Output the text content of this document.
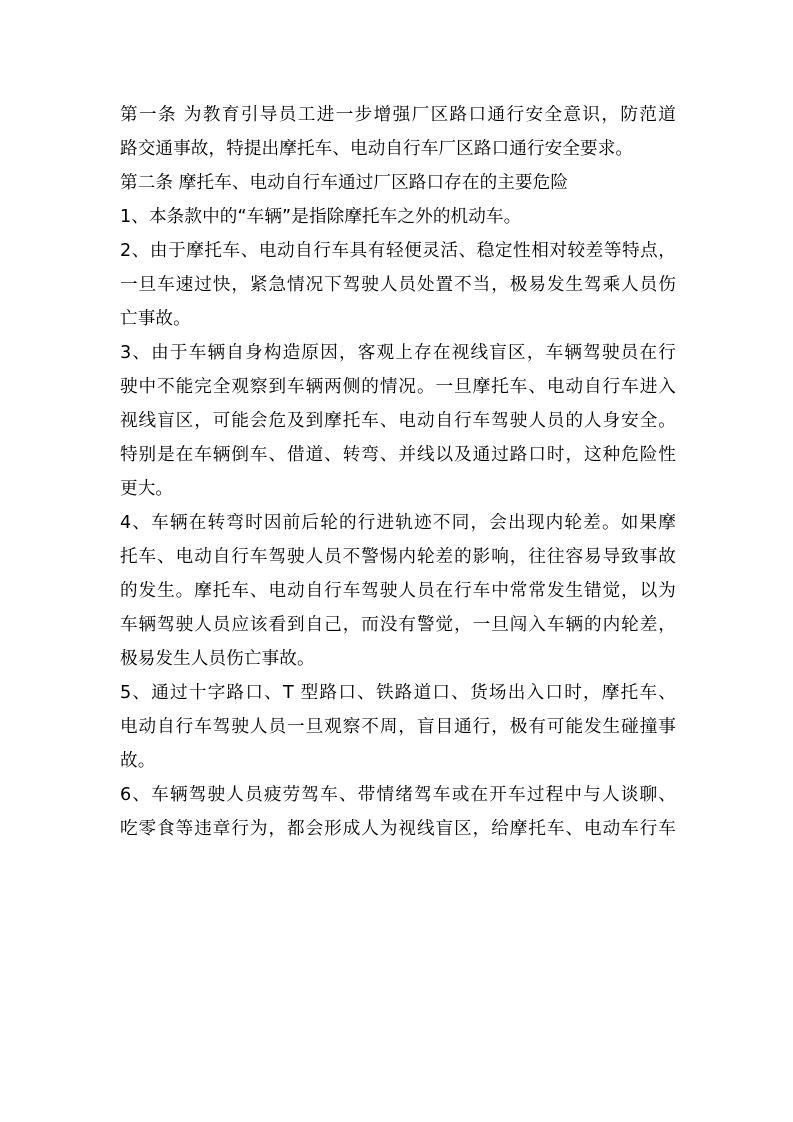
第一条 为教育引导员工进一步增强厂区路口通行安全意识，防范道
路交通事故，特提出摩托车、电动自行车厂区路口通行安全要求。
第二条 摩托车、电动自行车通过厂区路口存在的主要危险
1、本条款中的“车辆”是指除摩托车之外的机动车。
2、由于摩托车、电动自行车具有轻便灵活、稳定性相对较差等特点，
一旦车速过快，紧急情况下驾驶人员处置不当，极易发生驾乘人员伤
亡事故。
3、由于车辆自身构造原因，客观上存在视线盲区，车辆驾驶员在行
驶中不能完全观察到车辆两侧的情况。一旦摩托车、电动自行车进入
视线盲区，可能会危及到摩托车、电动自行车驾驶人员的人身安全。
特别是在车辆倒车、借道、转弯、并线以及通过路口时，这种危险性
更大。
4、车辆在转弯时因前后轮的行进轨迹不同，会出现内轮差。如果摩
托车、电动自行车驾驶人员不警惕内轮差的影响，往往容易导致事故
的发生。摩托车、电动自行车驾驶人员在行车中常常发生错觉，以为
车辆驾驶人员应该看到自己，而没有警觉，一旦闯入车辆的内轮差，
极易发生人员伤亡事故。
5、通过十字路口、T 型路口、铁路道口、货场出入口时，摩托车、
电动自行车驾驶人员一旦观察不周，盲目通行，极有可能发生碰撞事
故。
6、车辆驾驶人员疲劳驾车、带情绪驾车或在开车过程中与人谈聊、
吃零食等违章行为，都会形成人为视线盲区，给摩托车、电动车行车
